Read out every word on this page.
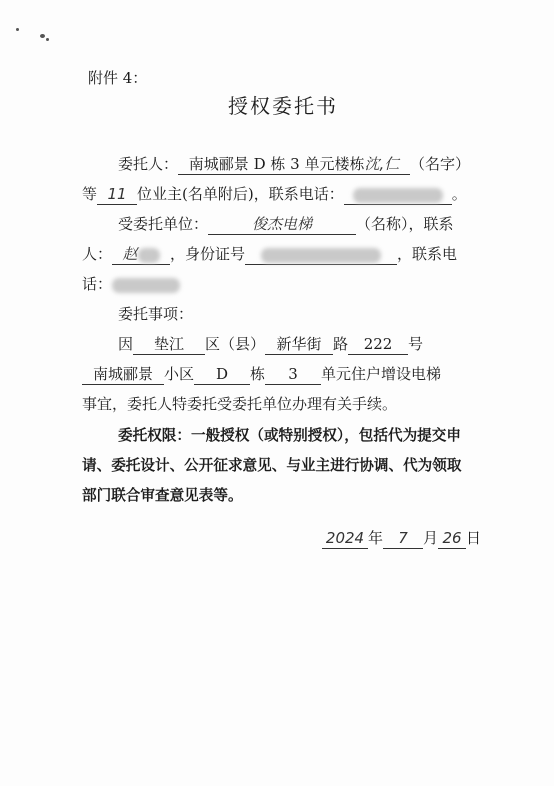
附件 4：
授权委托书
委托人： 南城郦景 D 栋 3 单元楼栋沈,仁 （名字）
等 11 位业主(名单附后)，联系电话：	。
受委托单位：	俊杰电梯	（名称），联系
人： 赵 ，身份证号	，联系电
话：
委托事项：
因 垫江 区（县） 新华街 路 222 号
南城郦景 小区 D 栋 3 单元住户增设电梯
事宜，委托人特委托受委托单位办理有关手续。
委托权限：一般授权（或特别授权），包括代为提交申
请、委托设计、公开征求意见、与业主进行协调、代为领取
部门联合审查意见表等。
2024 年 7 月 26 日
